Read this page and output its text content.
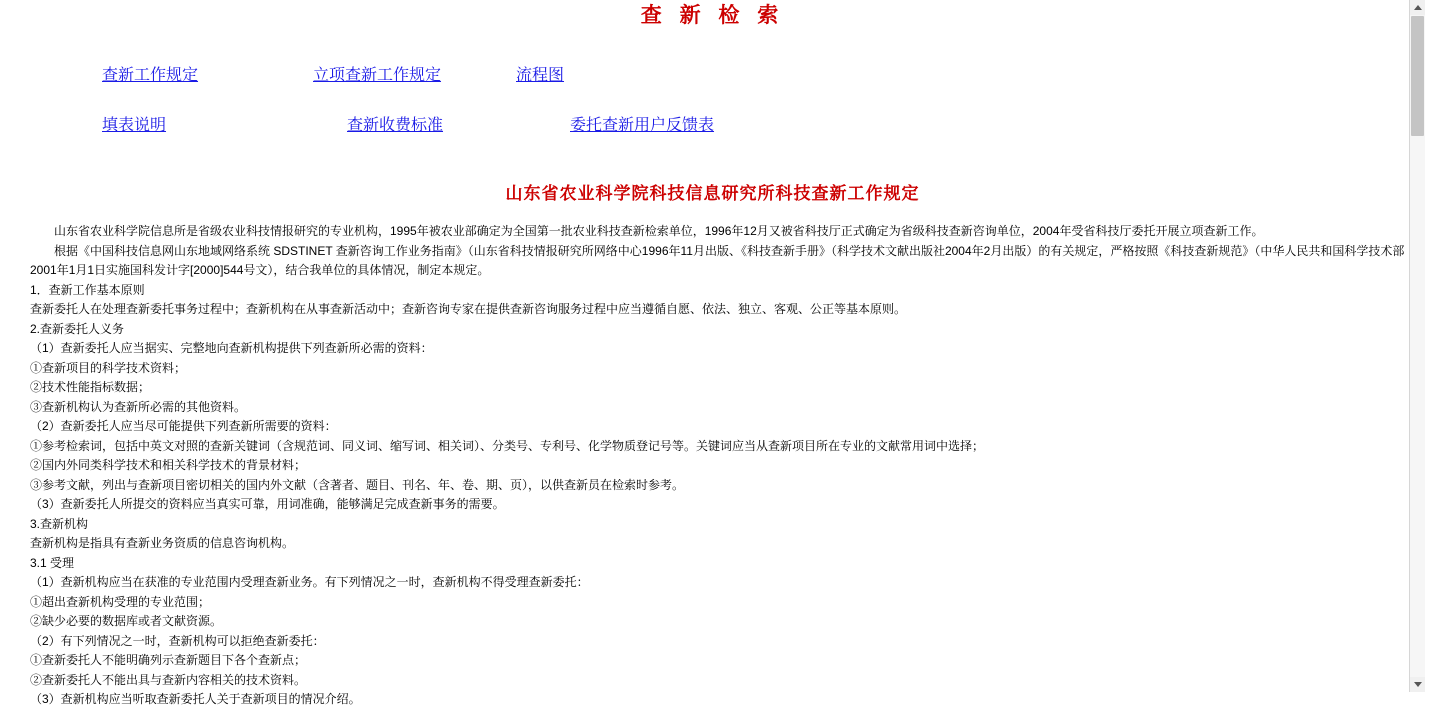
查 新 检 索
查新工作规定	立项查新工作规定	流程图
填表说明	查新收费标准	委托查新用户反馈表
山东省农业科学院科技信息研究所科技查新工作规定

山东省农业科学院信息所是省级农业科技情报研究的专业机构，1995年被农业部确定为全国第一批农业科技查新检索单位，1996年12月又被省科技厅正式确定为省级科技查新咨询单位，2004年受省科技厅委托开展立项查新工作。

根据《中国科技信息网山东地域网络系统 SDSTINET 查新咨询工作业务指南》（山东省科技情报研究所网络中心1996年11月出版、《科技查新手册》（科学技术文献出版社2004年2月出版）的有关规定，严格按照《科技查新规范》（中华人民共和国科学技术部2001年1月1日实施国科发计字[2000]544号文），结合我单位的具体情况，制定本规定。

1．查新工作基本原则

查新委托人在处理查新委托事务过程中；查新机构在从事查新活动中；查新咨询专家在提供查新咨询服务过程中应当遵循自愿、依法、独立、客观、公正等基本原则。

2.查新委托人义务

（1）查新委托人应当据实、完整地向查新机构提供下列查新所必需的资料：

①查新项目的科学技术资料；

②技术性能指标数据；

③查新机构认为查新所必需的其他资料。

（2）查新委托人应当尽可能提供下列查新所需要的资料：

①参考检索词，包括中英文对照的查新关键词（含规范词、同义词、缩写词、相关词）、分类号、专利号、化学物质登记号等。关键词应当从查新项目所在专业的文献常用词中选择；

②国内外同类科学技术和相关科学技术的背景材料；

③参考文献，列出与查新项目密切相关的国内外文献（含著者、题目、刊名、年、卷、期、页），以供查新员在检索时参考。

（3）查新委托人所提交的资料应当真实可靠，用词准确，能够满足完成查新事务的需要。

3.查新机构

查新机构是指具有查新业务资质的信息咨询机构。

3.1 受理

（1）查新机构应当在获准的专业范围内受理查新业务。有下列情况之一时，查新机构不得受理查新委托：

①超出查新机构受理的专业范围；

②缺少必要的数据库或者文献资源。

（2）有下列情况之一时，查新机构可以拒绝查新委托：

①查新委托人不能明确列示查新题目下各个查新点；

②查新委托人不能出具与查新内容相关的技术资料。

（3）查新机构应当听取查新委托人关于查新项目的情况介绍。
